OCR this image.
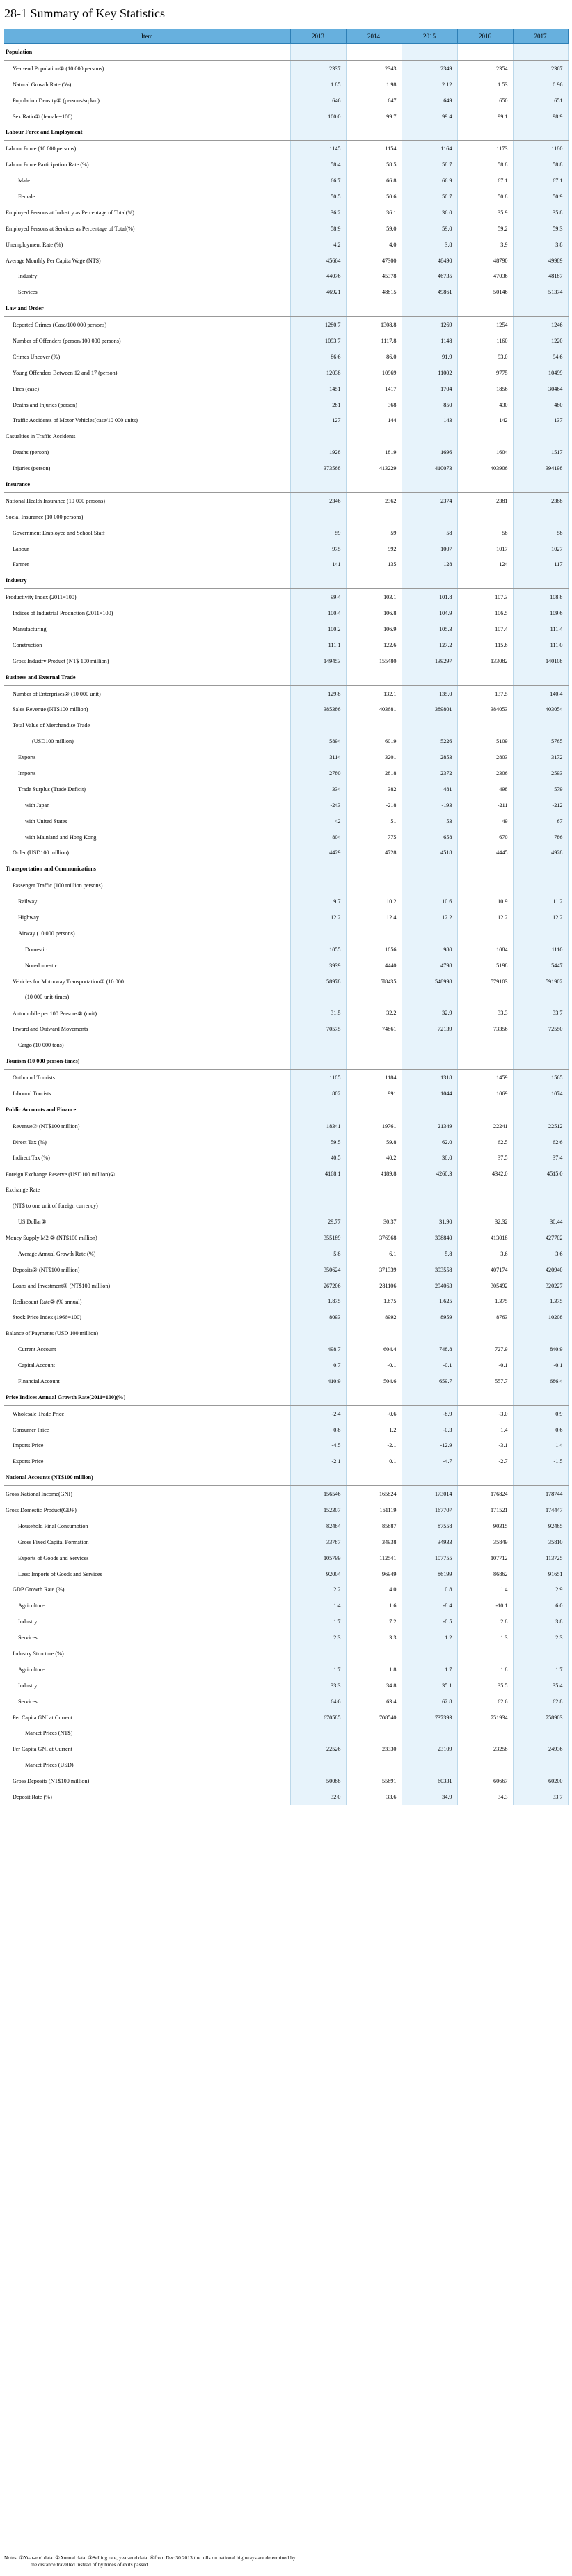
28-1 Summary of Key Statistics
Item	2013	2014	2015	2016	2017
Population					
Year-end Population② (10 000 persons)	2337	2343	2349	2354	2367
Natural Growth Rate (‰)	1.85	1.98	2.12	1.53	0.96
Population Density② (persons/sq.km)	646	647	649	650	651
Sex Ratio② (female=100)	100.0	99.7	99.4	99.1	98.9
Labour Force and Employment					
Labour Force (10 000 persons)	1145	1154	1164	1173	1180
Labour Force Participation Rate (%)	58.4	58.5	58.7	58.8	58.8
Male	66.7	66.8	66.9	67.1	67.1
Female	50.5	50.6	50.7	50.8	50.9
Employed Persons at Industry as Percentage of Total(%)	36.2	36.1	36.0	35.9	35.8
Employed Persons at Services as Percentage of Total(%)	58.9	59.0	59.0	59.2	59.3
Unemployment Rate (%)	4.2	4.0	3.8	3.9	3.8
Average Monthly Per Capita Wage (NT$)	45664	47300	48490	48790	49989
Industry	44076	45378	46735	47036	48187
Services	46921	48815	49861	50146	51374
Law and Order					
Reported Crimes (Case/100 000 persons)	1280.7	1308.8	1269	1254	1246
Number of Offenders (person/100 000 persons)	1093.7	1117.8	1148	1160	1220
Crimes Uncover (%)	86.6	86.0	91.9	93.0	94.6
Young Offenders Between 12 and 17 (person)	12038	10969	11002	9775	10499
Fires (case)	1451	1417	1704	1856	30464
Deaths and Injuries (person)	281	368	850	430	480
Traffic Accidents of Motor Vehicles(case/10 000 units)	127	144	143	142	137
Casualties in Traffic Accidents					
Deaths (person)	1928	1819	1696	1604	1517
Injuries (person)	373568	413229	410073	403906	394198
Insurance					
National Health Insurance (10 000 persons)	2346	2362	2374	2381	2388
Social Insurance (10 000 persons)					
Government Employee and School Staff	59	59	58	58	58
Labour	975	992	1007	1017	1027
Farmer	141	135	128	124	117
Industry					
Productivity Index (2011=100)	99.4	103.1	101.8	107.3	108.8
Indices of Industrial Production (2011=100)	100.4	106.8	104.9	106.5	109.6
Manufacturing	100.2	106.9	105.3	107.4	111.4
Construction	111.1	122.6	127.2	115.6	111.0
Gross Industry Product (NT$ 100 million)	149453	155480	139297	133082	140108
Business and External Trade					
Number of Enterprises② (10 000 unit)	129.8	132.1	135.0	137.5	140.4
Sales Revenue (NT$100 million)	385386	403681	389801	384053	403054
Total Value of Merchandise Trade					
(USD100 million)	5894	6019	5226	5109	5765
Exports	3114	3201	2853	2803	3172
Imports	2780	2818	2372	2306	2593
Trade Surplus (Trade Deficit)	334	382	481	498	579
with Japan	-243	-218	-193	-211	-212
with United States	42	51	53	49	67
with Mainland and Hong Kong	804	775	658	670	786
Order (USD100 million)	4429	4728	4518	4445	4928
Transportation and Communications					
Passenger Traffic (100 million persons)					
Railway	9.7	10.2	10.6	10.9	11.2
Highway	12.2	12.4	12.2	12.2	12.2
Airway (10 000 persons)					
Domestic	1055	1056	980	1084	1110
Non-domestic	3939	4440	4798	5198	5447
Vehicles for Motorway Transportation② (10 000	58978	5l8435	548998	579103	591902
(10 000 unit-times)					
Automobile per 100 Persons② (unit)	31.5	32.2	32.9	33.3	33.7
Inward and Outward Movements	70575	74861	72139	73356	72550
Cargo (10 000 tons)					
Tourism (10 000 person-times)					
Outbound Tourists	1105	1184	1318	1459	1565
Inbound Tourists	802	991	1044	1069	1074
Public Accounts and Finance					
Revenue② (NT$100 million)	18341	19761	21349	22241	22512
Direct Tax (%)	59.5	59.8	62.0	62.5	62.6
Indirect Tax (%)	40.5	40.2	38.0	37.5	37.4
Foreign Exchange Reserve (USD100 million)②	4168.1	4189.8	4260.3	4342.0	4515.0
Exchange Rate					
(NT$ to one unit of foreign currency)					
US Dollar②	29.77	30.37	31.90	32.32	30.44
Money Supply M2 ② (NT$100 million)	355189	376968	398840	413018	427702
Average Annual Growth Rate (%)	5.8	6.1	5.8	3.6	3.6
Deposits② (NT$100 million)	350624	371339	393558	407174	420940
Loans and Investment② (NT$100 million)	267206	281106	294063	305492	320227
Rediscount Rate② (% annual)	1.875	1.875	1.625	1.375	1.375
Stock Price Index (1966=100)	8093	8992	8959	8763	10208
Balance of Payments (USD 100 million)					
Current Account	498.7	604.4	748.8	727.9	840.9
Capital Account	0.7	-0.1	-0.1	-0.1	-0.1
Financial Account	410.9	504.6	659.7	557.7	686.4
Price Indices Annual Growth Rate(2011=100)(%)					
Wholesale Trade Price	-2.4	-0.6	-8.9	-3.0	0.9
Consumer Price	0.8	1.2	-0.3	1.4	0.6
Imports Price	-4.5	-2.1	-12.9	-3.1	1.4
Exports Price	-2.1	0.1	-4.7	-2.7	-1.5
National Accounts (NT$100 million)					
Gross National Income(GNI)	156546	165824	173014	176824	178744
Gross Domestic Product(GDP)	152307	161119	167707	171521	174447
Household Final Consumption	82484	85887	87558	90315	92465
Gross Fixed Capital Formation	33787	34938	34933	35849	35810
Exports of Goods and Services	105799	112541	107755	107712	113725
Less: Imports of Goods and Services	92004	96949	86199	86862	91651
GDP Growth Rate (%)	2.2	4.0	0.8	1.4	2.9
Agriculture	1.4	1.6	-8.4	-10.1	6.0
Industry	1.7	7.2	-0.5	2.8	3.8
Services	2.3	3.3	1.2	1.3	2.3
Industry Structure (%)					
Agriculture	1.7	1.8	1.7	1.8	1.7
Industry	33.3	34.8	35.1	35.5	35.4
Services	64.6	63.4	62.8	62.6	62.8
Per Capita GNI at Current	670585	708540	737393	751934	758903
Market Prices (NT$)					
Per Capita GNI at Current	22526	23330	23109	23258	24936
Market Prices (USD)					
Gross Deposits (NT$100 million)	50088	55691	60331	60667	60200
Deposit Rate (%)	32.0	33.6	34.9	34.3	33.7
Notes: ①Year-end data. ②Annual data. ③Selling rate, year-end data. ④from Dec.30 2013,the tolls on national highways are determined by
the distance travelled instead of by times of exits passed.
